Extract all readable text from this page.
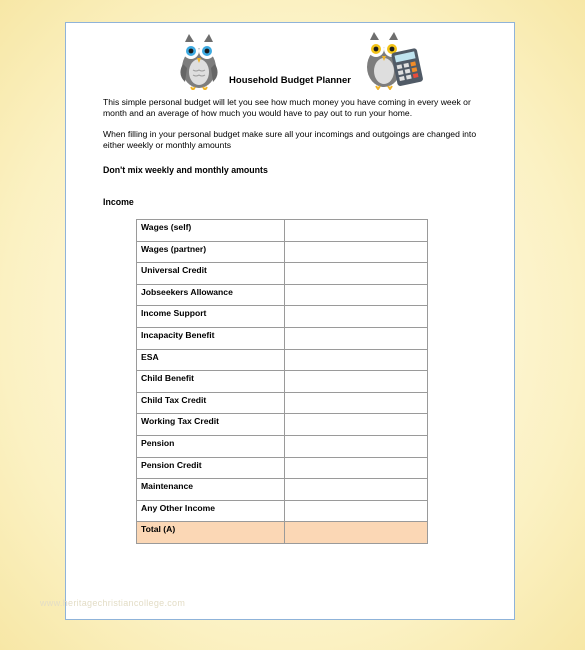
Household Budget Planner
This simple personal budget will let you see how much money you have coming in every week or month and an average of how much you would have to pay out to run your home.
When filling in your personal budget make sure all your incomings and outgoings are changed into either weekly or monthly amounts
Don't mix weekly and monthly amounts
Income
Wages (self)	
Wages (partner)	
Universal Credit	
Jobseekers Allowance	
Income Support	
Incapacity Benefit	
ESA	
Child Benefit	
Child Tax Credit	
Working Tax Credit	
Pension	
Pension Credit	
Maintenance	
Any Other Income	
Total (A)	
www.heritagechristiancollege.com
